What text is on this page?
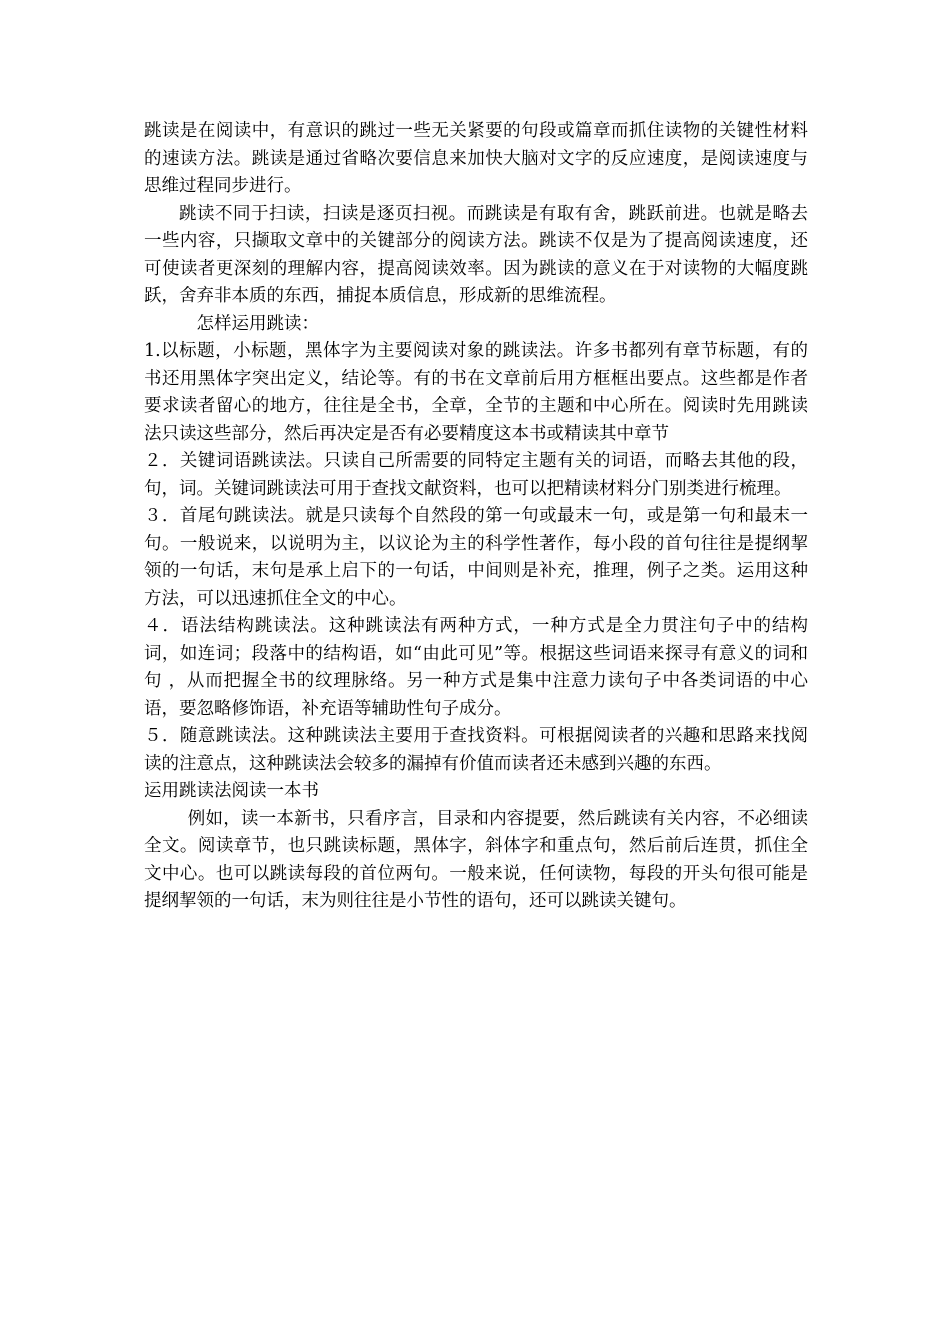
跳读是在阅读中，有意识的跳过一些无关紧要的句段或篇章而抓住读物的关键性材料的速读方法。跳读是通过省略次要信息来加快大脑对文字的反应速度，是阅读速度与思维过程同步进行。

跳读不同于扫读，扫读是逐页扫视。而跳读是有取有舍，跳跃前进。也就是略去一些内容，只撷取文章中的关键部分的阅读方法。跳读不仅是为了提高阅读速度，还可使读者更深刻的理解内容，提高阅读效率。因为跳读的意义在于对读物的大幅度跳跃，舍弃非本质的东西，捕捉本质信息，形成新的思维流程。

怎样运用跳读：

1.以标题，小标题，黑体字为主要阅读对象的跳读法。许多书都列有章节标题，有的书还用黑体字突出定义，结论等。有的书在文章前后用方框框出要点。这些都是作者要求读者留心的地方，往往是全书，全章，全节的主题和中心所在。阅读时先用跳读法只读这些部分，然后再决定是否有必要精度这本书或精读其中章节

２．关键词语跳读法。只读自己所需要的同特定主题有关的词语，而略去其他的段，句，词。关键词跳读法可用于查找文献资料，也可以把精读材料分门别类进行梳理。

３．首尾句跳读法。就是只读每个自然段的第一句或最末一句，或是第一句和最末一句。一般说来，以说明为主，以议论为主的科学性著作，每小段的首句往往是提纲挈领的一句话，末句是承上启下的一句话，中间则是补充，推理，例子之类。运用这种方法，可以迅速抓住全文的中心。

４．语法结构跳读法。这种跳读法有两种方式，一种方式是全力贯注句子中的结构词，如连词；段落中的结构语，如“由此可见”等。根据这些词语来探寻有意义的词和句 ，从而把握全书的纹理脉络。另一种方式是集中注意力读句子中各类词语的中心语，要忽略修饰语，补充语等辅助性句子成分。

５．随意跳读法。这种跳读法主要用于查找资料。可根据阅读者的兴趣和思路来找阅读的注意点，这种跳读法会较多的漏掉有价值而读者还未感到兴趣的东西。

运用跳读法阅读一本书

例如，读一本新书，只看序言，目录和内容提要，然后跳读有关内容，不必细读全文。阅读章节，也只跳读标题，黑体字，斜体字和重点句，然后前后连贯，抓住全文中心。也可以跳读每段的首位两句。一般来说，任何读物，每段的开头句很可能是提纲挈领的一句话，末为则往往是小节性的语句，还可以跳读关键句。
